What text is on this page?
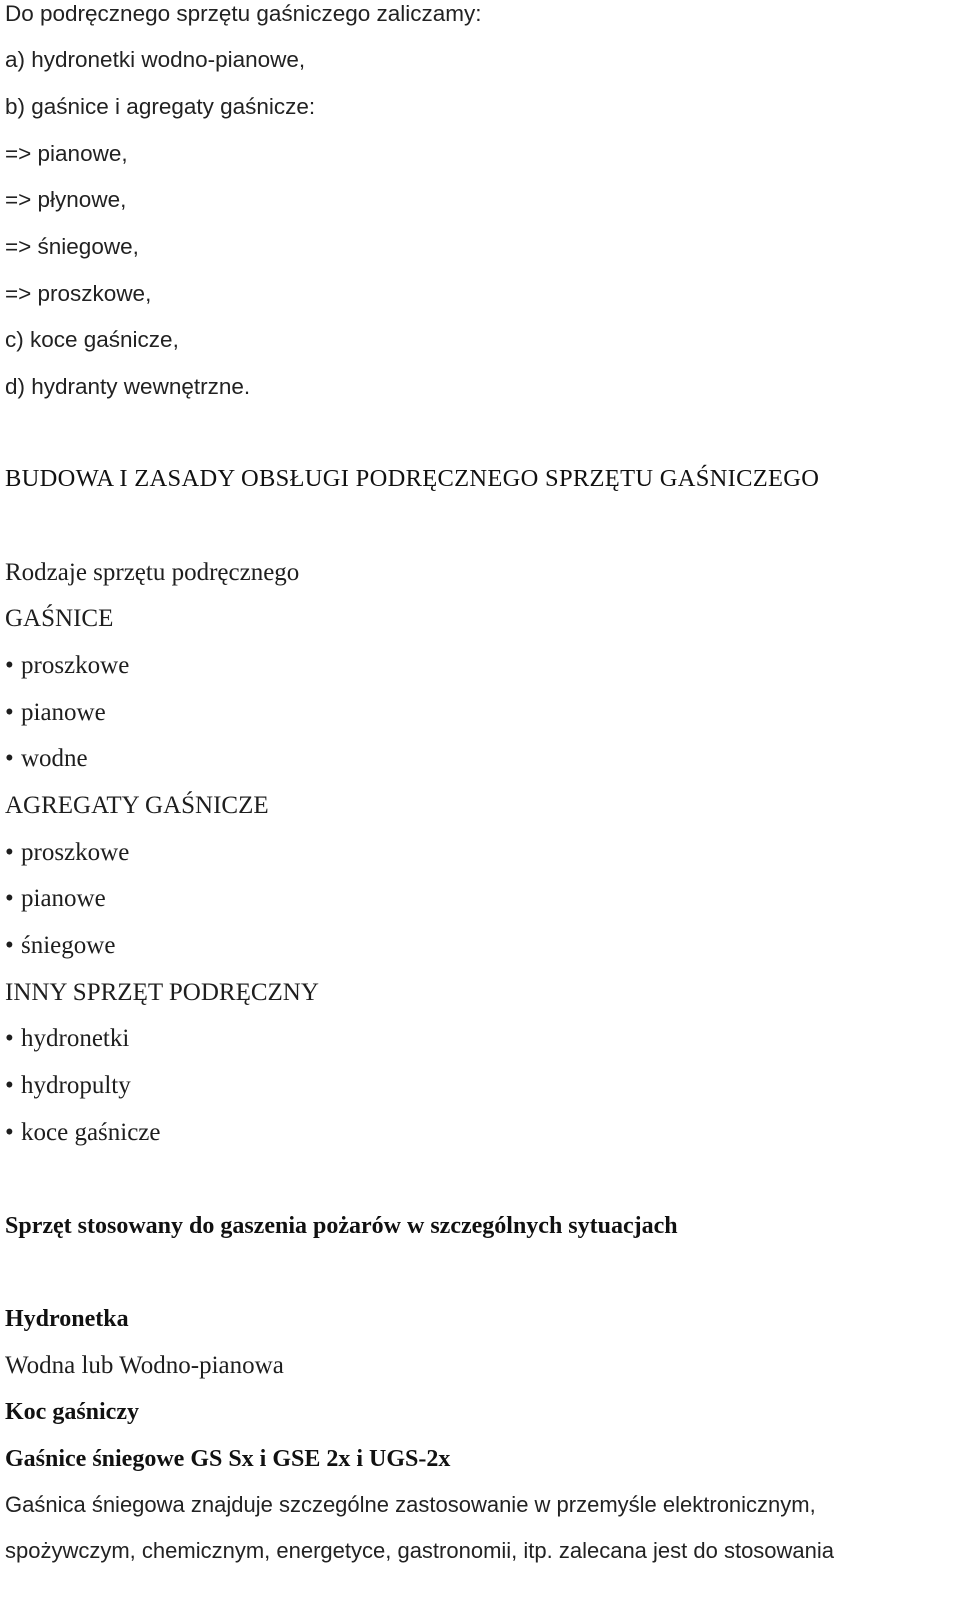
Do podręcznego sprzętu gaśniczego zaliczamy:
a) hydronetki wodno-pianowe,
b) gaśnice i agregaty gaśnicze:
=> pianowe,
=> płynowe,
=> śniegowe,
=> proszkowe,
c) koce gaśnicze,
d) hydranty wewnętrzne.
BUDOWA I ZASADY OBSŁUGI PODRĘCZNEGO SPRZĘTU GAŚNICZEGO
Rodzaje sprzętu podręcznego
GAŚNICE
• proszkowe
• pianowe
• wodne
AGREGATY GAŚNICZE
• proszkowe
• pianowe
• śniegowe
INNY SPRZĘT PODRĘCZNY
• hydronetki
• hydropulty
• koce gaśnicze
Sprzęt stosowany do gaszenia pożarów w szczególnych sytuacjach
Hydronetka
Wodna lub Wodno-pianowa
Koc gaśniczy
Gaśnice śniegowe GS Sx i GSE 2x i UGS-2x
Gaśnica śniegowa znajduje szczególne zastosowanie w przemyśle elektronicznym,
spożywczym, chemicznym, energetyce, gastronomii, itp. zalecana jest do stosowania
